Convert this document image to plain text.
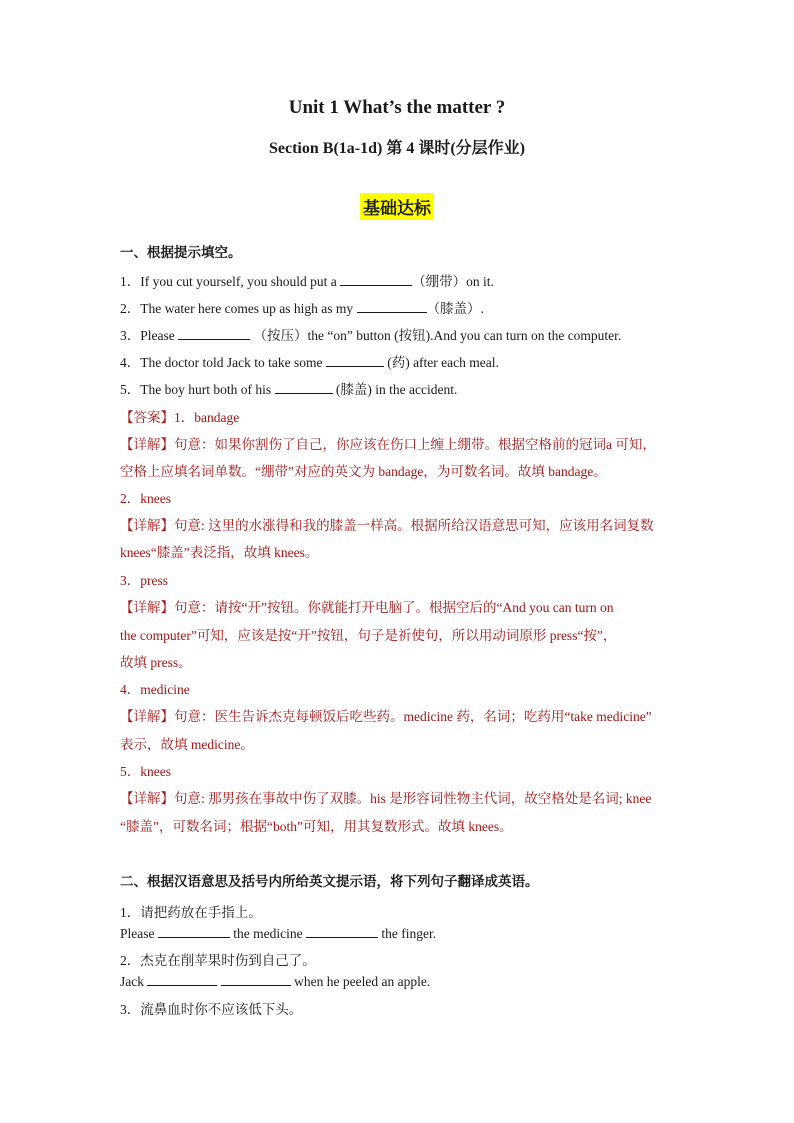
Unit 1 What’s the matter ?
Section B(1a-1d) 第 4 课时(分层作业)
基础达标
一、根据提示填空。
1．If you cut yourself, you should put a	（绷带）on it.
2．The water here comes up as high as my	（膝盖）.
3．Please	（按压）the “on” button (按钮).And you can turn on the computer.
4．The doctor told Jack to take some	(药) after each meal.
5．The boy hurt both of his	(膝盖) in the accident.
【答案】1．bandage
【详解】句意：如果你割伤了自己，你应该在伤口上缠上绷带。根据空格前的冠词a 可知，
空格上应填名词单数。“绷带”对应的英文为 bandage，为可数名词。故填 bandage。
2．knees
【详解】句意: 这里的水涨得和我的膝盖一样高。根据所给汉语意思可知，应该用名词复数
knees“膝盖”表泛指，故填 knees。
3．press
【详解】句意：请按“开”按钮。你就能打开电脑了。根据空后的“And you can turn on
the computer”可知，应该是按“开”按钮，句子是祈使句，所以用动词原形 press“按”，
故填 press。
4．medicine
【详解】句意：医生告诉杰克每顿饭后吃些药。medicine 药，名词；吃药用“take medicine”
表示，故填 medicine。
5．knees
【详解】句意: 那男孩在事故中伤了双膝。his 是形容词性物主代词，故空格处是名词; knee
“膝盖”，可数名词；根据“both”可知，用其复数形式。故填 knees。
二、根据汉语意思及括号内所给英文提示语，将下列句子翻译成英语。
1．请把药放在手指上。
Please	the medicine	the finger.
2．杰克在削苹果时伤到自己了。
Jack	when he peeled an apple.
3．流鼻血时你不应该低下头。
